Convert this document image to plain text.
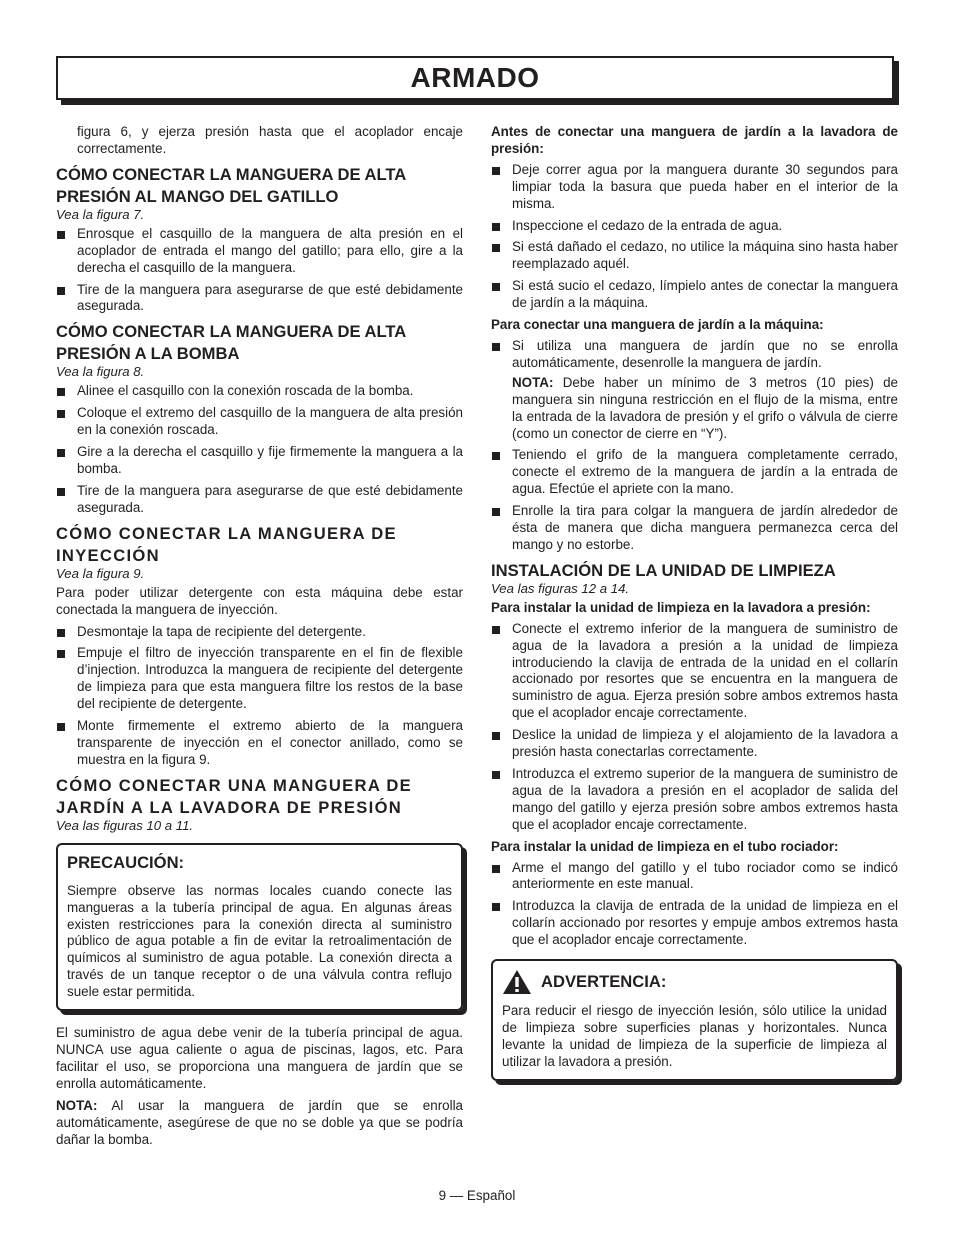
ARMADO

figura 6, y ejerza presión hasta que el acoplador encaje correctamente.

CÓMO CONECTAR LA MANGUERA DE ALTA PRESIÓN AL MANGO DEL GATILLO
Vea la figura 7.
Enrosque el casquillo de la manguera de alta presión en el acoplador de entrada el mango del gatillo; para ello, gire a la derecha el casquillo de la manguera.
Tire de la manguera para asegurarse de que esté debidamente asegurada.
CÓMO CONECTAR LA MANGUERA DE ALTA PRESIÓN A LA BOMBA
Vea la figura 8.
Alinee el casquillo con la conexión roscada de la bomba.
Coloque el extremo del casquillo de la manguera de alta presión en la conexión roscada.
Gire a la derecha el casquillo y fije firmemente la manguera a la bomba.
Tire de la manguera para asegurarse de que esté debidamente asegurada.
CÓMO CONECTAR LA MANGUERA DE INYECCIÓN
Vea la figura 9.

Para poder utilizar detergente con esta máquina debe estar conectada la manguera de inyección.

Desmontaje la tapa de recipiente del detergente.
Empuje el filtro de inyección transparente en el fin de flexible d’injection. Introduzca la manguera de recipiente del detergente de limpieza para que esta manguera filtre los restos de la base del recipiente de detergente.
Monte firmemente el extremo abierto de la manguera transparente de inyección en el conector anillado, como se muestra en la figura 9.
CÓMO CONECTAR UNA MANGUERA DE JARDÍN A LA LAVADORA DE PRESIÓN
Vea las figuras 10 a 11.
PRECAUCIÓN:

Siempre observe las normas locales cuando conecte las mangueras a la tubería principal de agua. En algunas áreas existen restricciones para la conexión directa al suministro público de agua potable a fin de evitar la retroalimentación de químicos al suministro de agua potable. La conexión directa a través de un tanque receptor o de una válvula contra reflujo suele estar permitida.

El suministro de agua debe venir de la tubería principal de agua. NUNCA use agua caliente o agua de piscinas, lagos, etc. Para facilitar el uso, se proporciona una manguera de jardín que se enrolla automáticamente.

NOTA: Al usar la manguera de jardín que se enrolla automáticamente, asegúrese de que no se doble ya que se podría dañar la bomba.

Antes de conectar una manguera de jardín a la lavadora de presión:
Deje correr agua por la manguera durante 30 segundos para limpiar toda la basura que pueda haber en el interior de la misma.
Inspeccione el cedazo de la entrada de agua.
Si está dañado el cedazo, no utilice la máquina sino hasta haber reemplazado aquél.
Si está sucio el cedazo, límpielo antes de conectar la manguera de jardín a la máquina.
Para conectar una manguera de jardín a la máquina:
Si utiliza una manguera de jardín que no se enrolla automáticamente, desenrolle la manguera de jardín.
NOTA: Debe haber un mínimo de 3 metros (10 pies) de manguera sin ninguna restricción en el flujo de la misma, entre la entrada de la lavadora de presión y el grifo o válvula de cierre (como un conector de cierre en “Y”).
Teniendo el grifo de la manguera completamente cerrado, conecte el extremo de la manguera de jardín a la entrada de agua. Efectúe el apriete con la mano.
Enrolle la tira para colgar la manguera de jardín alrededor de ésta de manera que dicha manguera permanezca cerca del mango y no estorbe.
INSTALACIÓN DE LA UNIDAD DE LIMPIEZA
Vea las figuras 12 a 14.
Para instalar la unidad de limpieza en la lavadora a presión:
Conecte el extremo inferior de la manguera de suministro de agua de la lavadora a presión a la unidad de limpieza introduciendo la clavija de entrada de la unidad en el collarín accionado por resortes que se encuentra en la manguera de suministro de agua. Ejerza presión sobre ambos extremos hasta que el acoplador encaje correctamente.
Deslice la unidad de limpieza y el alojamiento de la lavadora a presión hasta conectarlas correctamente.
Introduzca el extremo superior de la manguera de suministro de agua de la lavadora a presión en el acoplador de salida del mango del gatillo y ejerza presión sobre ambos extremos hasta que el acoplador encaje correctamente.
Para instalar la unidad de limpieza en el tubo rociador:
Arme el mango del gatillo y el tubo rociador como se indicó anteriormente en este manual.
Introduzca la clavija de entrada de la unidad de limpieza en el collarín accionado por resortes y empuje ambos extremos hasta que el acoplador encaje correctamente.
ADVERTENCIA:

Para reducir el riesgo de inyección lesión, sólo utilice la unidad de limpieza sobre superficies planas y horizontales. Nunca levante la unidad de limpieza de la superficie de limpieza al utilizar la lavadora a presión.

9 — Español
